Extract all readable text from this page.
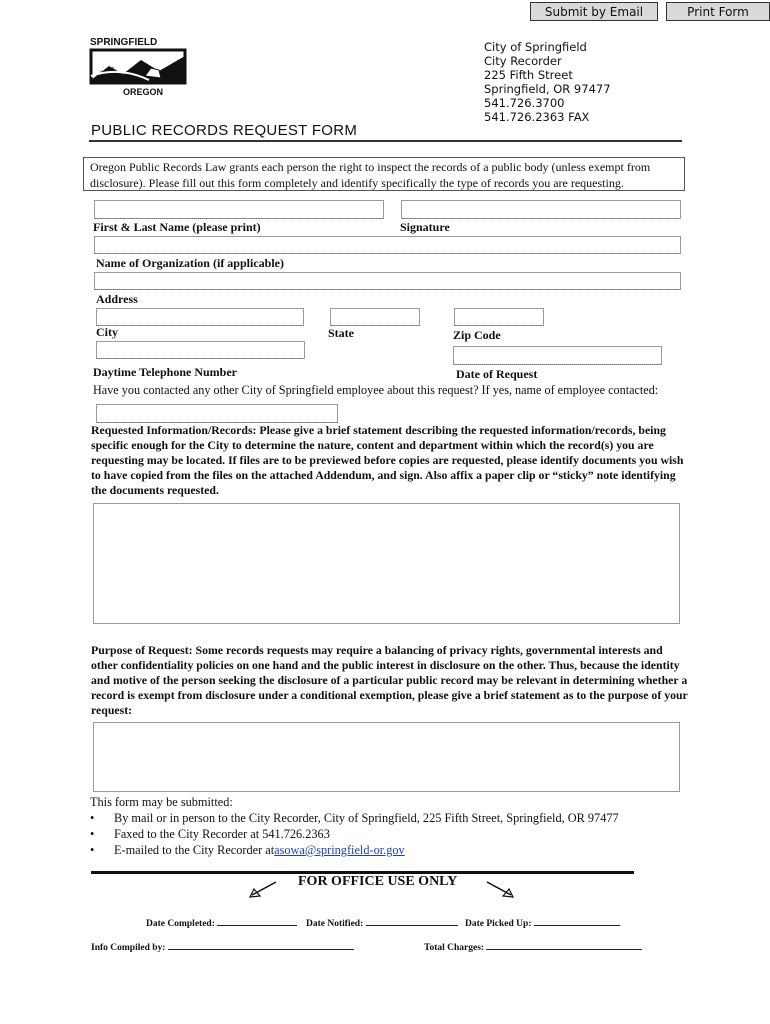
Submit by Email	Print Form
SPRINGFIELD
OREGON
City of Springfield
City Recorder
225 Fifth Street
Springfield, OR 97477
541.726.3700
541.726.2363 FAX
PUBLIC RECORDS REQUEST FORM
Oregon Public Records Law grants each person the right to inspect the records of a public body (unless exempt from disclosure). Please fill out this form completely and identify specifically the type of records you are requesting.
First & Last Name (please print)	Signature
Name of Organization (if applicable)
Address
City	State	Zip Code
Daytime Telephone Number	Date of Request
Have you contacted any other City of Springfield employee about this request? If yes, name of employee contacted:
Requested Information/Records: Please give a brief statement describing the requested information/records, being specific enough for the City to determine the nature, content and department within which the record(s) you are requesting may be located. If files are to be previewed before copies are requested, please identify documents you wish to have copied from the files on the attached Addendum, and sign. Also affix a paper clip or “sticky” note identifying the documents requested.
Purpose of Request: Some records requests may require a balancing of privacy rights, governmental interests and other confidentiality policies on one hand and the public interest in disclosure on the other. Thus, because the identity and motive of the person seeking the disclosure of a particular public record may be relevant in determining whether a record is exempt from disclosure under a conditional exemption, please give a brief statement as to the purpose of your request:
This form may be submitted:
•	By mail or in person to the City Recorder, City of Springfield, 225 Fifth Street, Springfield, OR 97477
•	Faxed to the City Recorder at 541.726.2363
•	E-mailed to the City Recorder at asowa@springfield-or.gov
FOR OFFICE USE ONLY
Date Completed:	Date Notified:	Date Picked Up:
Info Compiled by:	Total Charges:
